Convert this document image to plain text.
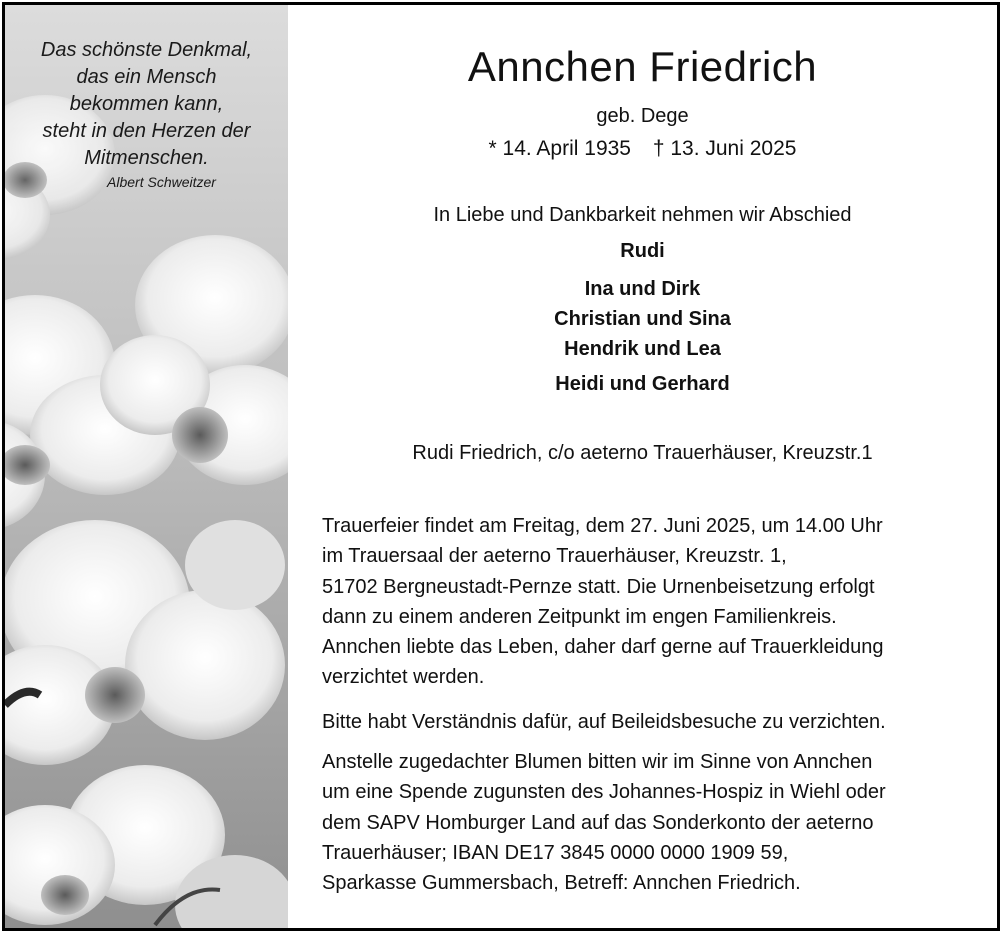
Das schönste Denkmal,
das ein Mensch
bekommen kann,
steht in den Herzen der
Mitmenschen.
Albert Schweitzer
Annchen Friedrich
geb. Dege
* 14. April 1935 † 13. Juni 2025
In Liebe und Dankbarkeit nehmen wir Abschied
Rudi
Ina und Dirk
Christian und Sina
Hendrik und Lea
Heidi und Gerhard
Rudi Friedrich, c/o aeterno Trauerhäuser, Kreuzstr.1
Trauerfeier findet am Freitag, dem 27. Juni 2025, um 14.00 Uhr
im Trauersaal der aeterno Trauerhäuser, Kreuzstr. 1,
51702 Bergneustadt-Pernze statt. Die Urnenbeisetzung erfolgt
dann zu einem anderen Zeitpunkt im engen Familienkreis.
Annchen liebte das Leben, daher darf gerne auf Trauerkleidung
verzichtet werden.
Bitte habt Verständnis dafür, auf Beileidsbesuche zu verzichten.
Anstelle zugedachter Blumen bitten wir im Sinne von Annchen
um eine Spende zugunsten des Johannes-Hospiz in Wiehl oder
dem SAPV Homburger Land auf das Sonderkonto der aeterno
Trauerhäuser; IBAN DE17 3845 0000 0000 1909 59,
Sparkasse Gummersbach, Betreff: Annchen Friedrich.
